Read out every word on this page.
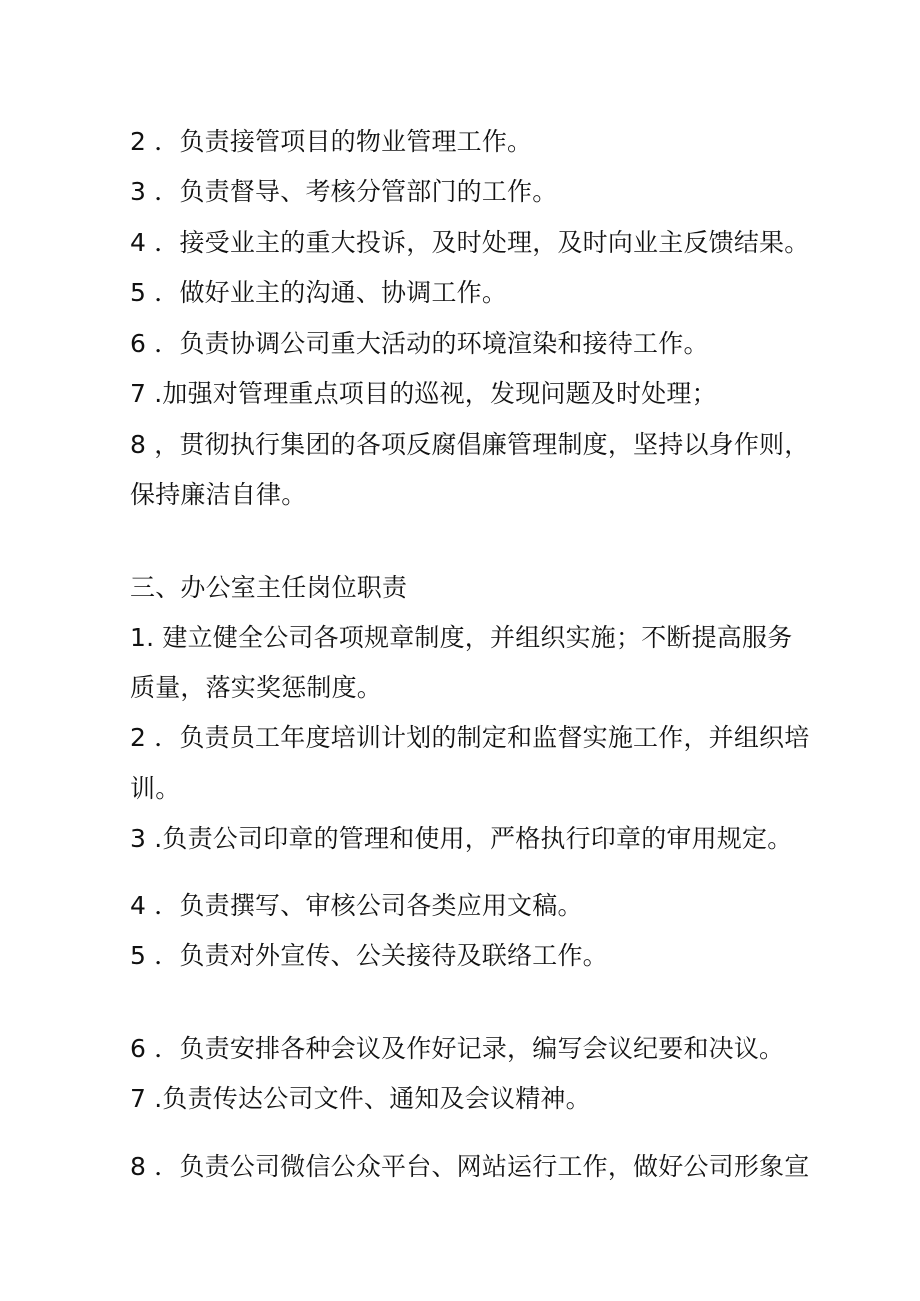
2 ．负责接管项目的物业管理工作。
3 ．负责督导、考核分管部门的工作。
4 ．接受业主的重大投诉，及时处理，及时向业主反馈结果。
5 ．做好业主的沟通、协调工作。
6 ．负责协调公司重大活动的环境渲染和接待工作。
7 .加强对管理重点项目的巡视，发现问题及时处理；
8 ，贯彻执行集团的各项反腐倡廉管理制度，坚持以身作则，
保持廉洁自律。
三、办公室主任岗位职责
1. 建立健全公司各项规章制度，并组织实施；不断提高服务
质量，落实奖惩制度。
2 ．负责员工年度培训计划的制定和监督实施工作，并组织培
训。
3 .负责公司印章的管理和使用，严格执行印章的审用规定。
4 ．负责撰写、审核公司各类应用文稿。
5 ．负责对外宣传、公关接待及联络工作。
6 ．负责安排各种会议及作好记录，编写会议纪要和决议。
7 .负责传达公司文件、通知及会议精神。
8 ．负责公司微信公众平台、网站运行工作，做好公司形象宣
